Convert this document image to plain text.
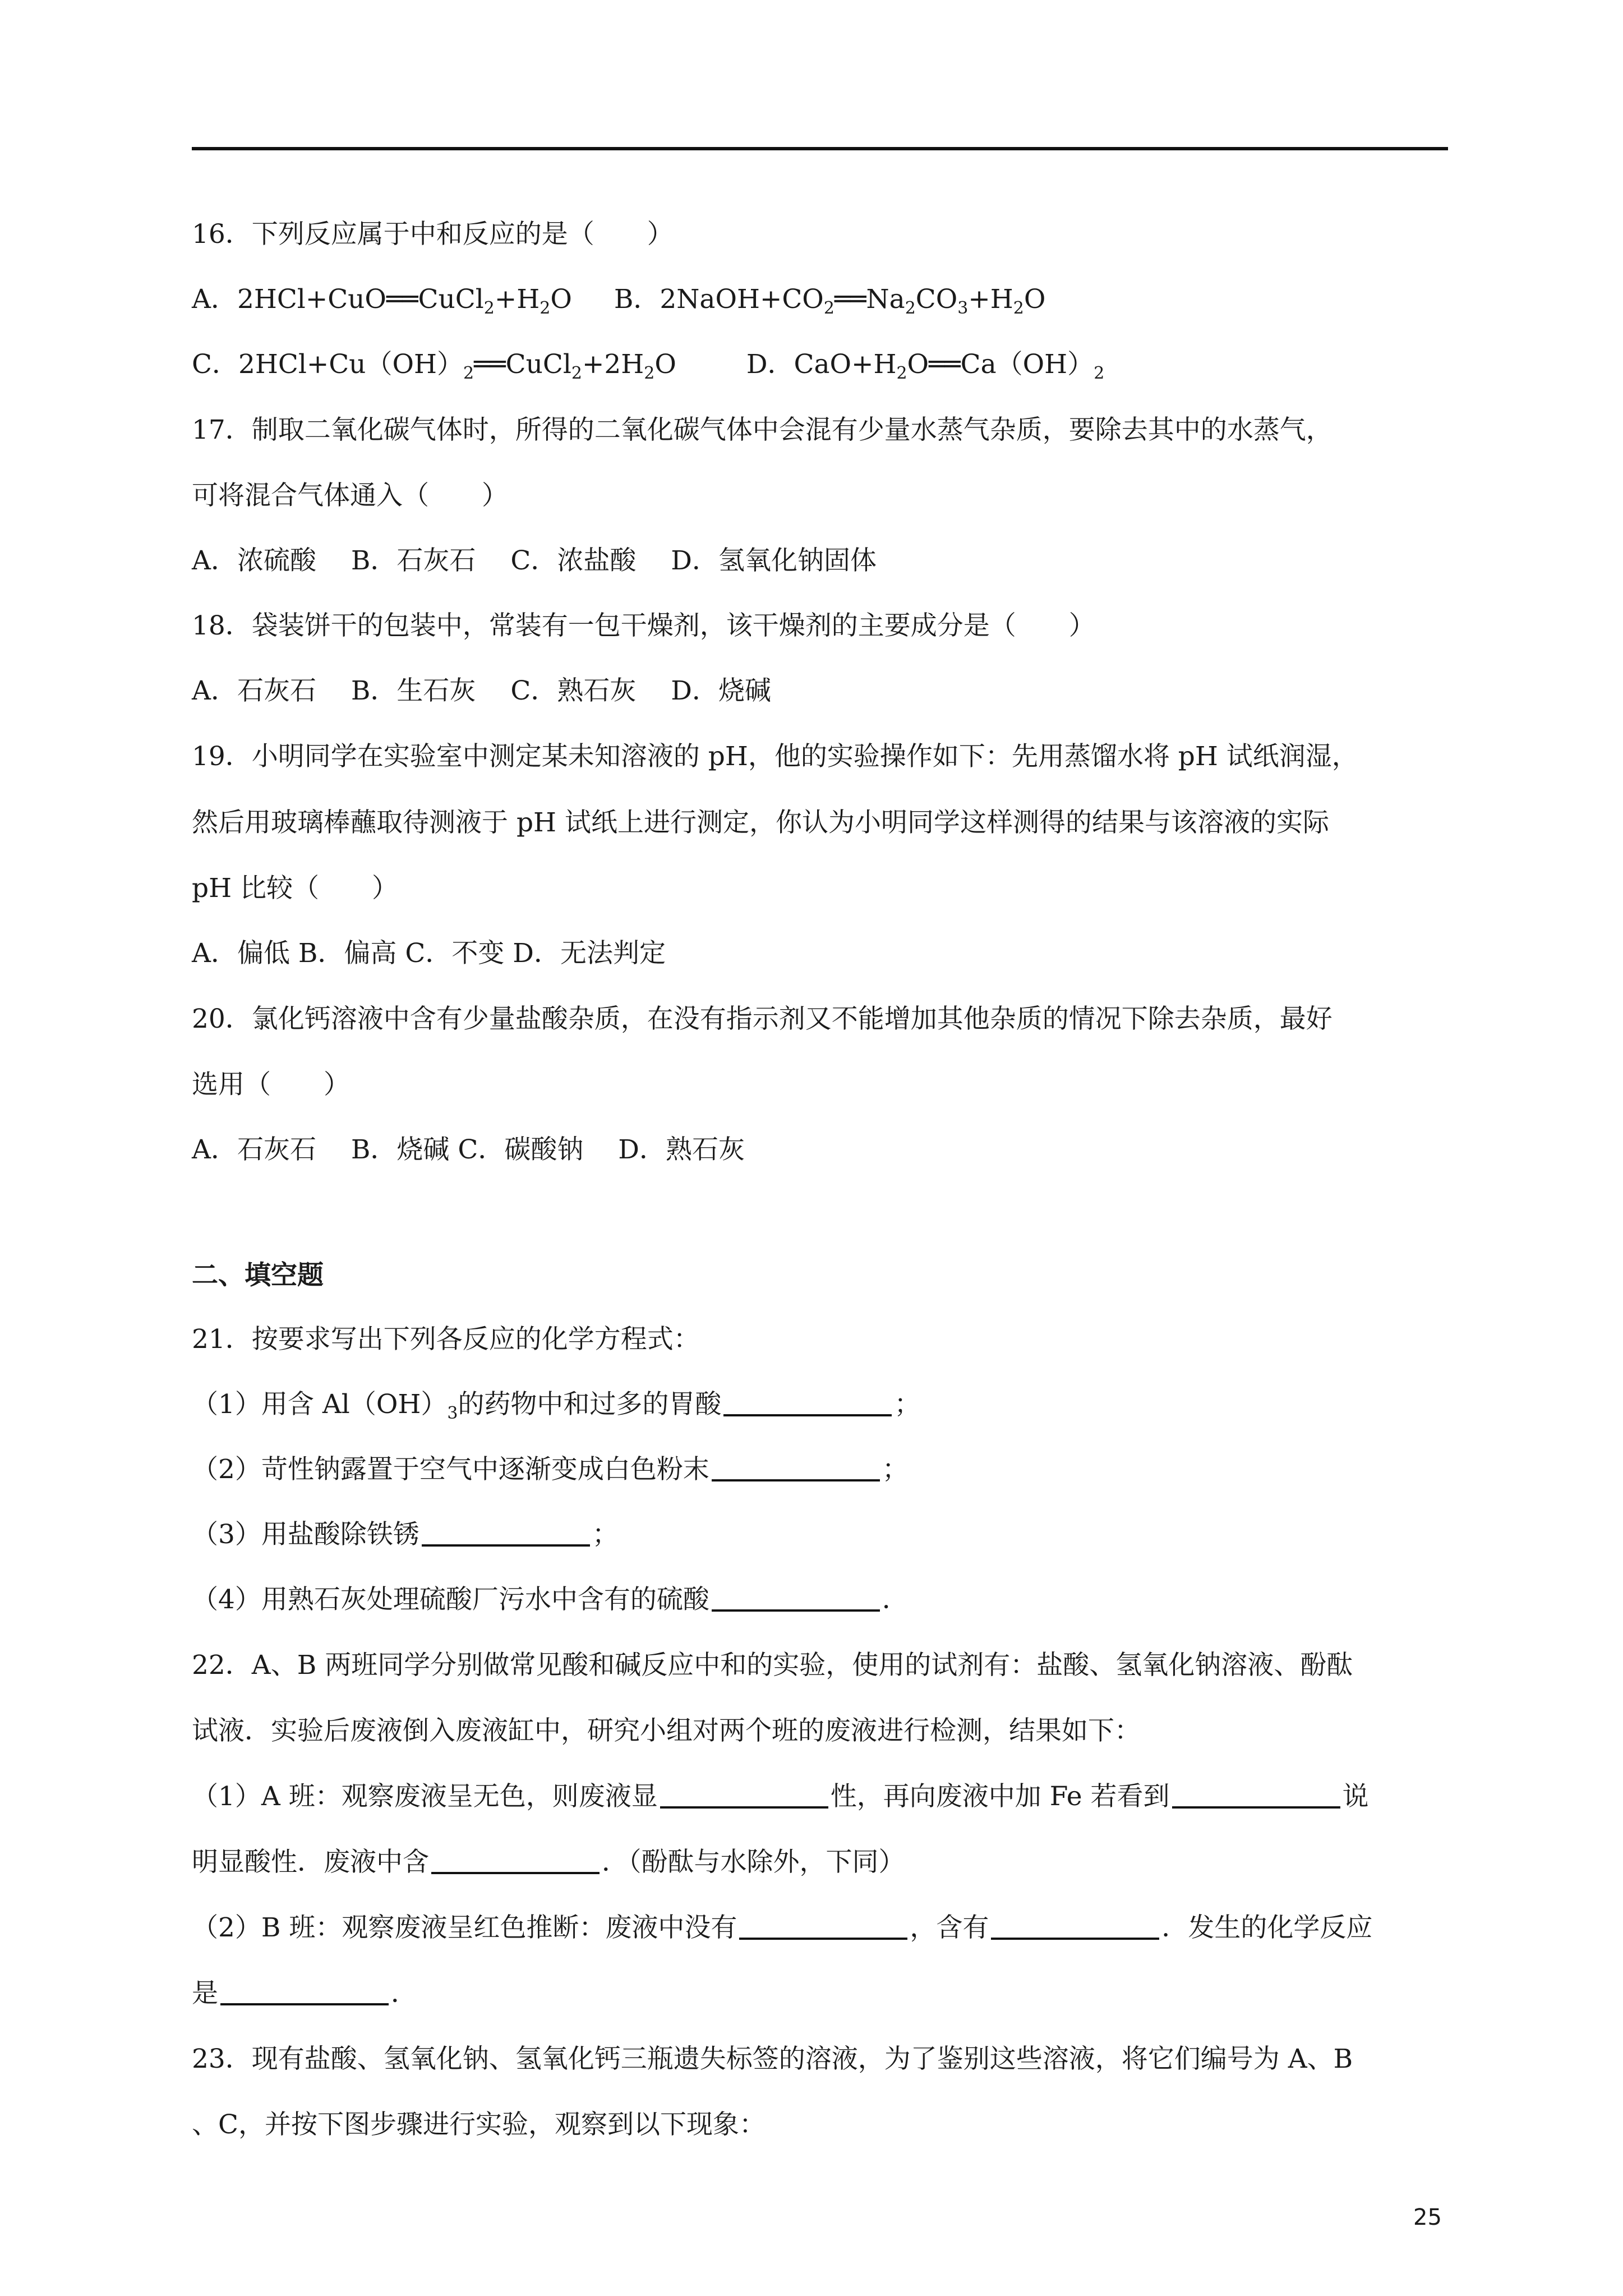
16．下列反应属于中和反应的是（　　）
A．$2HCl+CuO══CuCl_2+H_2O$ B．$2NaOH+CO_2══Na_2CO_3+H_2O$
C．$2HCl+Cu(OH)_2══CuCl_2+2H_2O$	D．$CaO+H_2O══Ca(OH)_2$
17．制取二氧化碳气体时，所得的二氧化碳气体中会混有少量水蒸气杂质，要除去其中的水蒸气，
可将混合气体通入（　　）
A．浓硫酸　 B．石灰石　 C．浓盐酸　 D．氢氧化钠固体
18．袋装饼干的包装中，常装有一包干燥剂，该干燥剂的主要成分是（　　）
A．石灰石　 B．生石灰　 C．熟石灰　 D．烧碱
19．小明同学在实验室中测定某未知溶液的 pH，他的实验操作如下：先用蒸馏水将 pH 试纸润湿，
然后用玻璃棒蘸取待测液于 pH 试纸上进行测定，你认为小明同学这样测得的结果与该溶液的实际
pH 比较（　　）
A．偏低 B．偏高 C．不变 D．无法判定
20．氯化钙溶液中含有少量盐酸杂质，在没有指示剂又不能增加其他杂质的情况下除去杂质，最好
选用（　　）
A．石灰石　 B．烧碱 C．碳酸钠　 D．熟石灰
二、填空题
21．按要求写出下列各反应的化学方程式：
（1）用含 $Al(OH)_3$的药物中和过多的胃酸	；
（2）苛性钠露置于空气中逐渐变成白色粉末	；
（3）用盐酸除铁锈	；
（4）用熟石灰处理硫酸厂污水中含有的硫酸	．
22．A、B 两班同学分别做常见酸和碱反应中和的实验，使用的试剂有：盐酸、氢氧化钠溶液、酚酞
试液．实验后废液倒入废液缸中，研究小组对两个班的废液进行检测，结果如下：
（1）A 班：观察废液呈无色，则废液显	性，再向废液中加 Fe 若看到	说
明显酸性．废液中含	．（酚酞与水除外，下同）
（2）B 班：观察废液呈红色推断：废液中没有	，含有	．发生的化学反应
是	．
23．现有盐酸、氢氧化钠、氢氧化钙三瓶遗失标签的溶液，为了鉴别这些溶液，将它们编号为 A、B
、C，并按下图步骤进行实验，观察到以下现象：
25
